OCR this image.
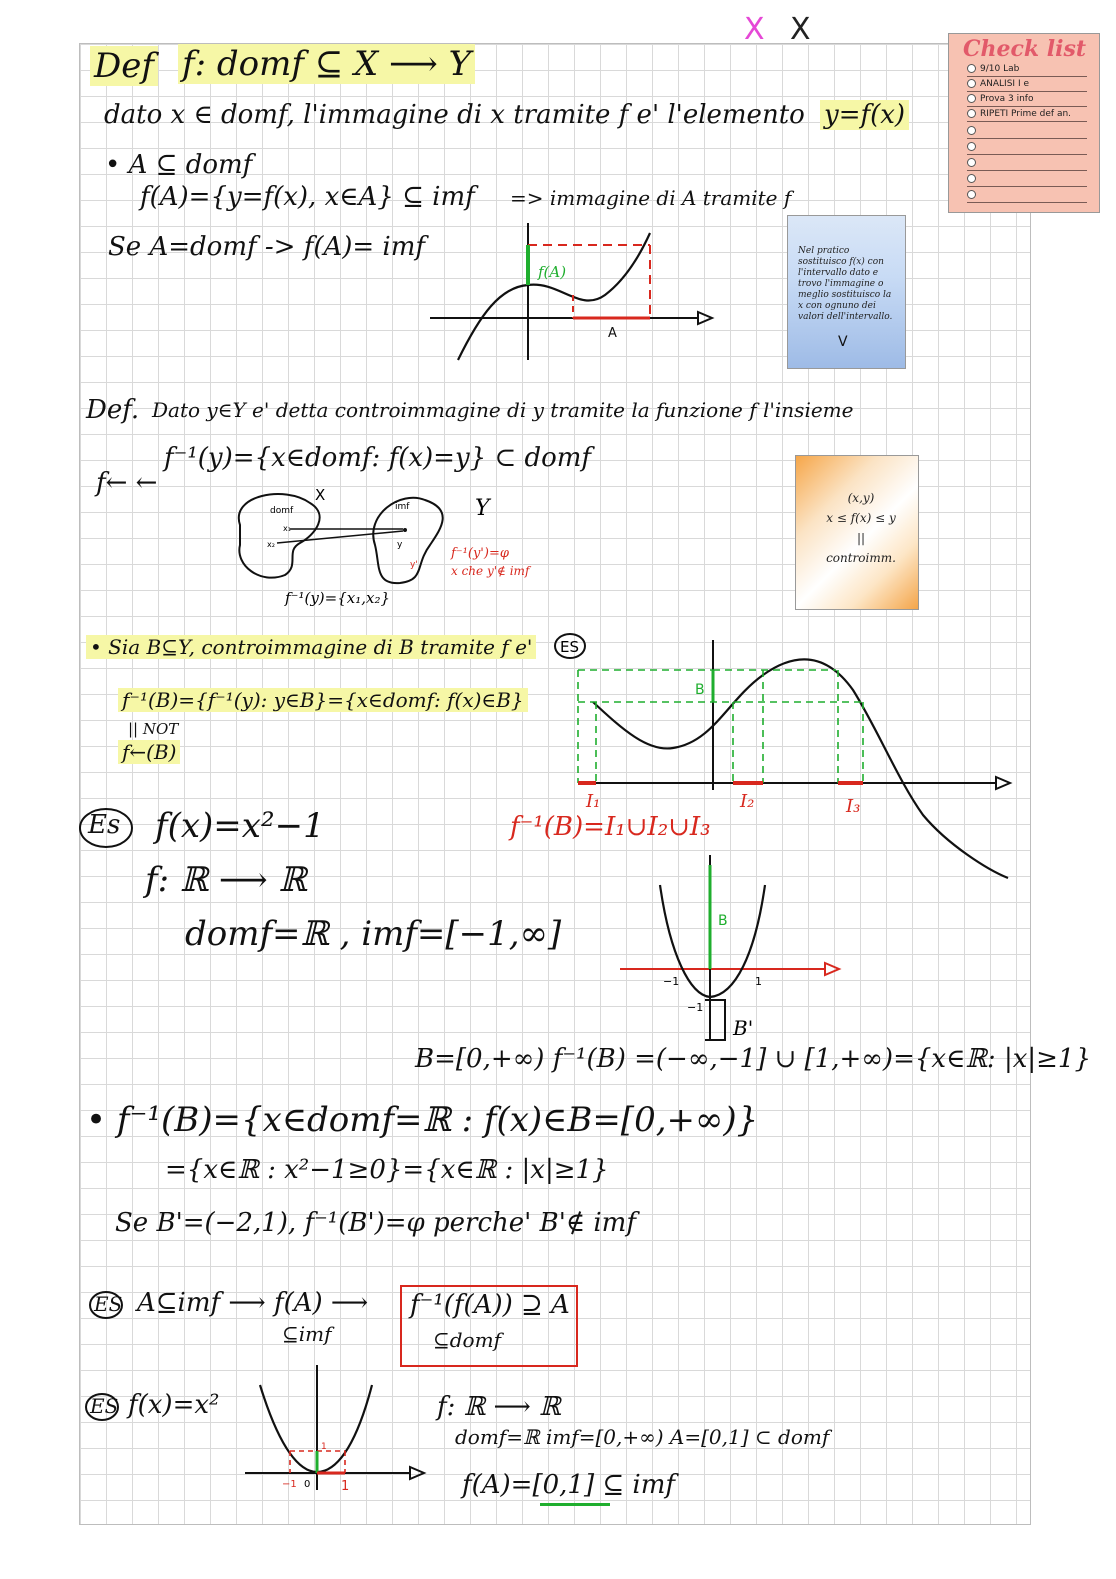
X X
Check list
9/10 Lab
ANALISI I e
Prova 3 info
RIPETI Prime def an.
Def f: domf ⊆ X ⟶ Y
dato x ∈ domf, l'immagine di x tramite f e' l'elemento y=f(x)
• A ⊆ domf
f(A)={y=f(x), x∈A} ⊆ imf => immagine di A tramite f
Se A=domf -> f(A)= imf
f(A)
A
Nel pratico sostituisco f(x) con l'intervallo dato e trovo l'immagine o meglio sostituisco la x con ognuno dei valori dell'intervallo.
V
Def. Dato y∈Y e' detta controimmagine di y tramite la funzione f l'insieme
f← ←
f⁻¹(y)={x∈domf: f(x)=y} ⊂ domf
domf	imf
X
Y
x₁
x₂	y
y'
f⁻¹(y)={x₁,x₂}
f⁻¹(y')=φ
x che y'∉ imf
(x,y)
x ≤ f(x) ≤ y
||
controimm.
• Sia B⊆Y, controimmagine di B tramite f e'
f⁻¹(B)={f⁻¹(y): y∈B}={x∈domf: f(x)∈B}
|| NOT
f←(B)
ES
B
I₁	I₂	I₃
f⁻¹(B)=I₁∪I₂∪I₃
Es f(x)=x²−1
f: ℝ ⟶ ℝ
domf=ℝ , imf=[−1,∞]	B
−1	1
−1
B'
B=[0,+∞) f⁻¹(B) =(−∞,−1] ∪ [1,+∞)={x∈ℝ: |x|≥1}
• f⁻¹(B)={x∈domf=ℝ : f(x)∈B=[0,+∞)}
={x∈ℝ : x²−1≥0}={x∈ℝ : |x|≥1}
Se B'=(−2,1), f⁻¹(B')=φ perche' B'∉ imf
ES A⊆imf ⟶ f(A) ⟶
⊆imf
f⁻¹(f(A)) ⊇ A
⊆domf
ES f(x)=x²
−1 0 1
1
f: ℝ ⟶ ℝ
domf=ℝ imf=[0,+∞) A=[0,1] ⊂ domf
f(A)=[0,1] ⊆ imf
